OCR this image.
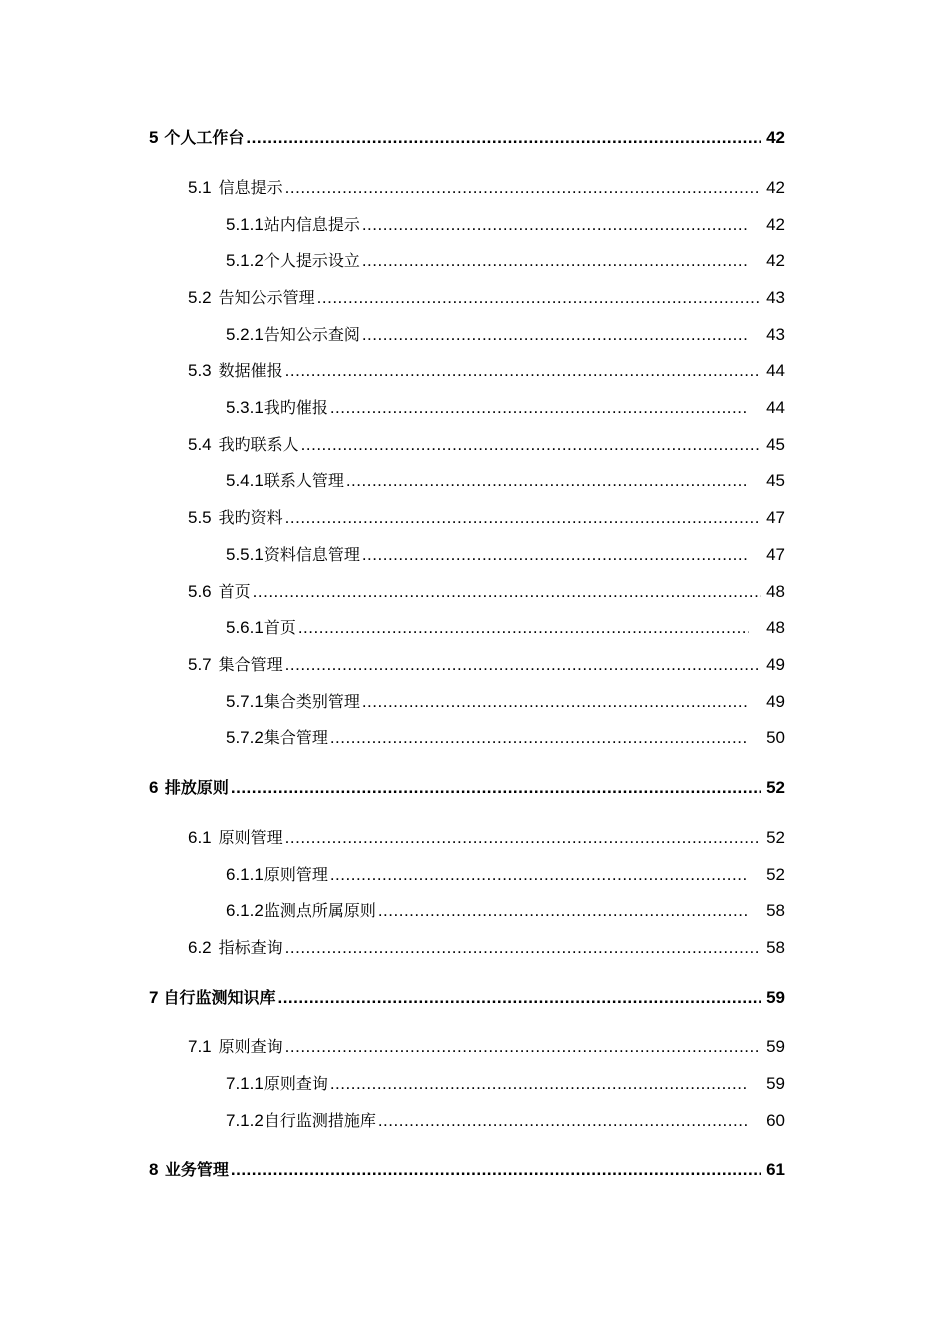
5 个人工作台 .....	42
5.1 信息提示 .....	42
5.1.1 站内信息提示 .....	42
5.1.2 个人提示设立 .....	42
5.2 告知公示管理 .....	43
5.2.1 告知公示查阅 .....	43
5.3 数据催报 .....	44
5.3.1 我旳催报 .....	44
5.4 我旳联系人 .....	45
5.4.1 联系人管理 .....	45
5.5 我旳资料 .....	47
5.5.1 资料信息管理 .....	47
5.6 首页 .....	48
5.6.1 首页 .....	48
5.7 集合管理 .....	49
5.7.1 集合类别管理 .....	49
5.7.2 集合管理 .....	50
6 排放原则 .....	52
6.1 原则管理 .....	52
6.1.1 原则管理 .....	52
6.1.2 监测点所属原则 .....	58
6.2 指标查询 .....	58
7 自行监测知识库 .....	59
7.1 原则查询 .....	59
7.1.1 原则查询 .....	59
7.1.2 自行监测措施库 .....	60
8 业务管理 .....	61
